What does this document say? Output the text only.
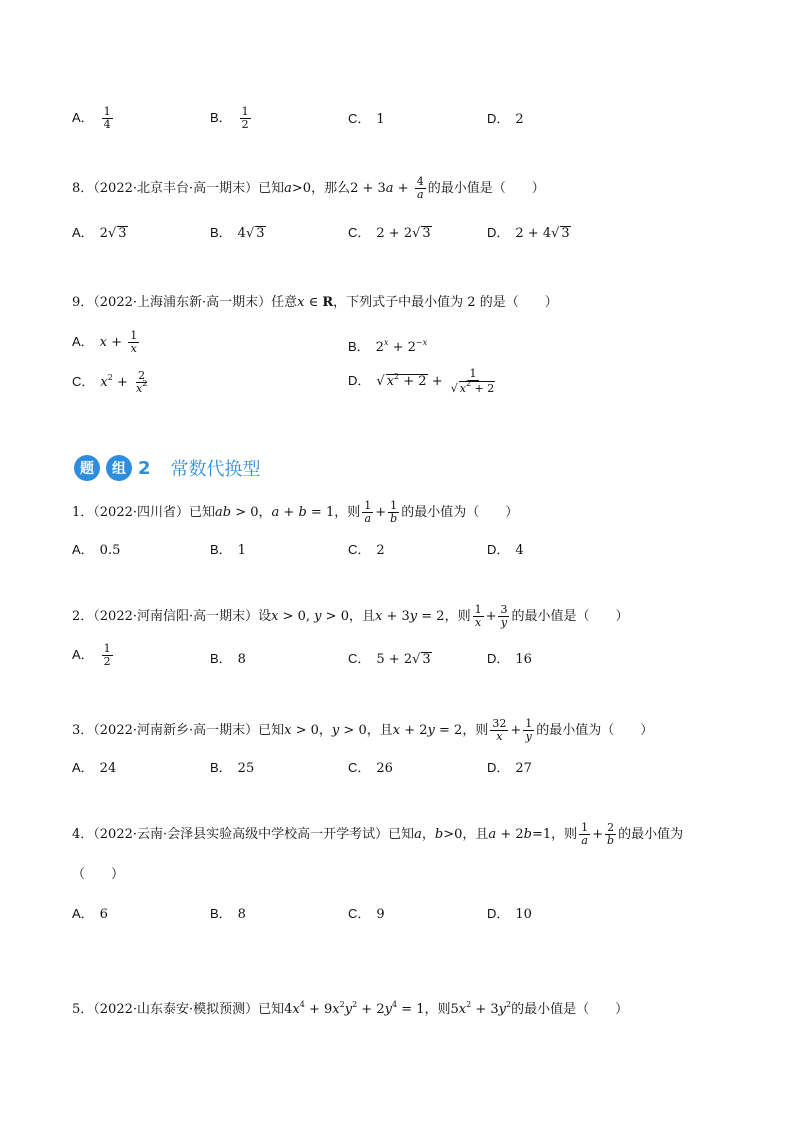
A． $\frac{1}{4}$	B． $\frac{1}{2}$	C． 1	D． 2
8．（2022·北京丰台·高一期末）已知a>0，那么$2 + 3a + \frac{4}{a}$ 的最小值是（　　）
A． 2√ 3	B． 4√ 3	C． 2 + 2√ 3	D． 2 + 4√ 3
9．（2022·上海浦东新·高一期末）任意x ∈ R，下列式子中最小值为 2 的是（　　）
A． $x + \frac{1}{x}$	B． $2^x + 2^{-x}$
C． $x^2 + \frac{2}{x^2}$	D． √ $x^2 + 2 + \frac{1}{√ x^2 + 2}$
题	组 2 常数代换型
1．（2022·四川省）已知ab > 0，a + b = 1，则 $\frac{1}{a} + \frac{1}{b}$ 的最小值为（　　）
A． 0.5	B． 1	C． 2	D． 4
2．（2022·河南信阳·高一期末）设x > 0, y > 0，且x + 3y = 2，则 $\frac{1}{x} + \frac{3}{y}$ 的最小值是（　　）
A． $\frac{1}{2}$	B． 8	C． 5 + 2√ 3	D． 16
3．（2022·河南新乡·高一期末）已知x > 0，y > 0，且x + 2y = 2，则 $\frac{32}{x} + \frac{1}{y}$ 的最小值为（　　）
A． 24	B． 25	C． 26	D． 27
4．（2022·云南·会泽县实验高级中学校高一开学考试）已知a，b>0，且a + 2b=1，则 $\frac{1}{a} + \frac{2}{b}$ 的最小值为
（　　）
A． 6	B． 8	C． 9	D． 10
5．（2022·山东泰安·模拟预测）已知$4x^4 + 9x^2y^2 + 2y^4 = 1$，则$5x^2 + 3y^2$的最小值是（　　）
